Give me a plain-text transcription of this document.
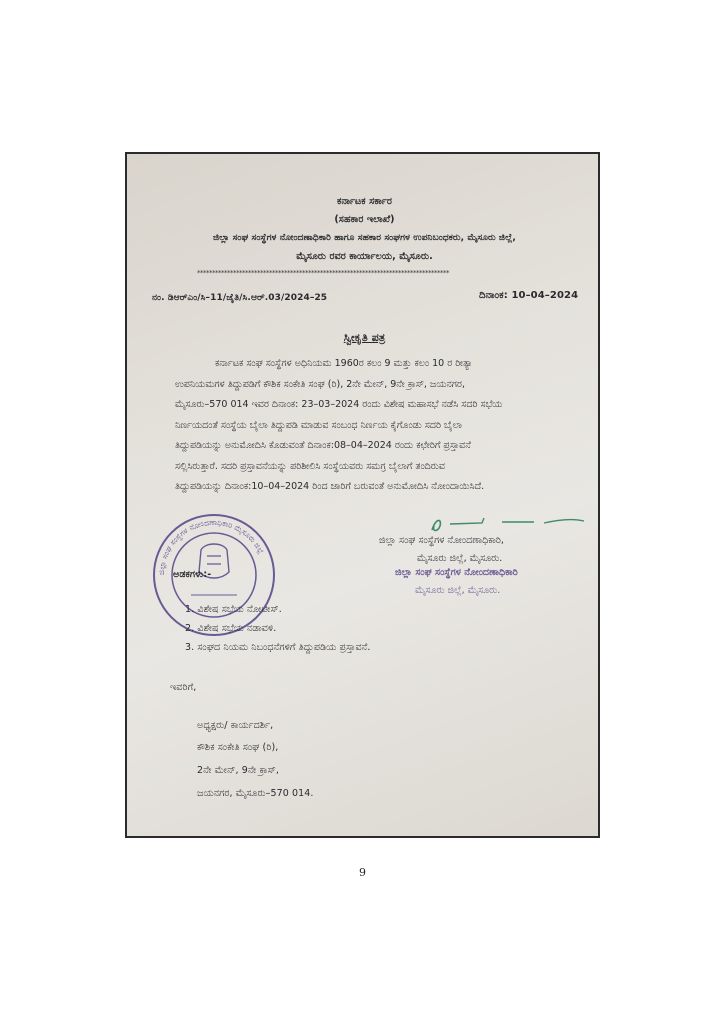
ಕರ್ನಾಟಕ ಸರ್ಕಾರ
(ಸಹಕಾರ ಇಲಾಖೆ)
ಜಿಲ್ಲಾ ಸಂಘ ಸಂಸ್ಥೆಗಳ ನೋಂದಣಾಧಿಕಾರಿ ಹಾಗೂ ಸಹಕಾರ ಸಂಘಗಳ ಉಪನಿಬಂಧಕರು, ಮೈಸೂರು ಜಿಲ್ಲೆ,
ಮೈಸೂರು ರವರ ಕಾರ್ಯಾಲಯ, ಮೈಸೂರು.
************************************************************************************
ನಂ. ಡಿಆರ್‌ಎಂ/ಸಿ–11/ಜೈತಿ/ಸಿ.ಆರ್.03/2024–25	ದಿನಾಂಕ: 10–04–2024
ಸ್ವೀಕೃತಿ ಪತ್ರ
ಕರ್ನಾಟಕ ಸಂಘ ಸಂಸ್ಥೆಗಳ ಅಧಿನಿಯಮ 1960ರ ಕಲಂ 9 ಮತ್ತು ಕಲಂ 10 ರ ರೀತ್ಯಾ
ಉಪನಿಯಮಗಳ ತಿದ್ದುಪಡಿಗೆ ಕೌಶಿಕ ಸಂಕೇತಿ ಸಂಘ (ರಿ), 2ನೇ ಮೇನ್, 9ನೇ ಕ್ರಾಸ್, ಜಯನಗರ,
ಮೈಸೂರು–570 014 ಇವರ ದಿನಾಂಕ: 23–03–2024 ರಂದು ವಿಶೇಷ ಮಹಾಸಭೆ ನಡೆಸಿ ಸದರಿ ಸಭೆಯ
ನಿರ್ಣಯದಂತೆ ಸಂಸ್ಥೆಯ ಬೈಲಾ ತಿದ್ದುಪಡಿ ಮಾಡುವ ಸಂಬಂಧ ನಿರ್ಣಯ ಕೈಗೊಂಡು ಸದರಿ ಬೈಲಾ
ತಿದ್ದುಪಡಿಯನ್ನು ಅನುಮೋದಿಸಿ ಕೊಡುವಂತೆ ದಿನಾಂಕ:08–04–2024 ರಂದು ಕಛೇರಿಗೆ ಪ್ರಸ್ತಾವನೆ
ಸಲ್ಲಿಸಿರುತ್ತಾರೆ. ಸದರಿ ಪ್ರಸ್ತಾವನೆಯನ್ನು ಪರಿಶೀಲಿಸಿ ಸಂಸ್ಥೆಯವರು ಸಮಗ್ರ ಬೈಲಾಗೆ ತಂದಿರುವ
ತಿದ್ದುಪಡಿಯನ್ನು ದಿನಾಂಕ:10–04–2024 ರಿಂದ ಜಾರಿಗೆ ಬರುವಂತೆ ಅನುಮೋದಿಸಿ ನೋಂದಾಯಿಸಿದೆ.
ಜಿಲ್ಲಾ ಸಂಘ ಸಂಸ್ಥೆಗಳ ನೋಂದಣಾಧಿಕಾರಿ,
ಮೈಸೂರು ಜಿಲ್ಲೆ, ಮೈಸೂರು.
ಜಿಲ್ಲಾ ಸಂಘ ಸಂಸ್ಥೆಗಳ ನೋಂದಣಾಧಿಕಾರಿ
ಮೈಸೂರು ಜಿಲ್ಲೆ, ಮೈಸೂರು.
ಜಿಲ್ಲಾ ಸಂಘ ಸಂಸ್ಥೆಗಳ ನೋಂದಣಾಧಿಕಾರಿ ಮೈಸೂರು ಜಿಲ್ಲೆ
ಅಡಕಗಳು:-
1. ವಿಶೇಷ ಸಭೆಯ ನೋಟೀಸ್.
2. ವಿಶೇಷ ಸಭೆಯ ನಡಾವಳಿ.
3. ಸಂಘದ ನಿಯಮ ನಿಬಂಧನೆಗಳಿಗೆ ತಿದ್ದುಪಡಿಯ ಪ್ರಸ್ತಾವನೆ.
ಇವರಿಗೆ,
ಅಧ್ಯಕ್ಷರು/ ಕಾರ್ಯದರ್ಶಿ,
ಕೌಶಿಕ ಸಂಕೇತಿ ಸಂಘ (ರಿ),
2ನೇ ಮೇನ್, 9ನೇ ಕ್ರಾಸ್,
ಜಯನಗರ, ಮೈಸೂರು–570 014.
9
